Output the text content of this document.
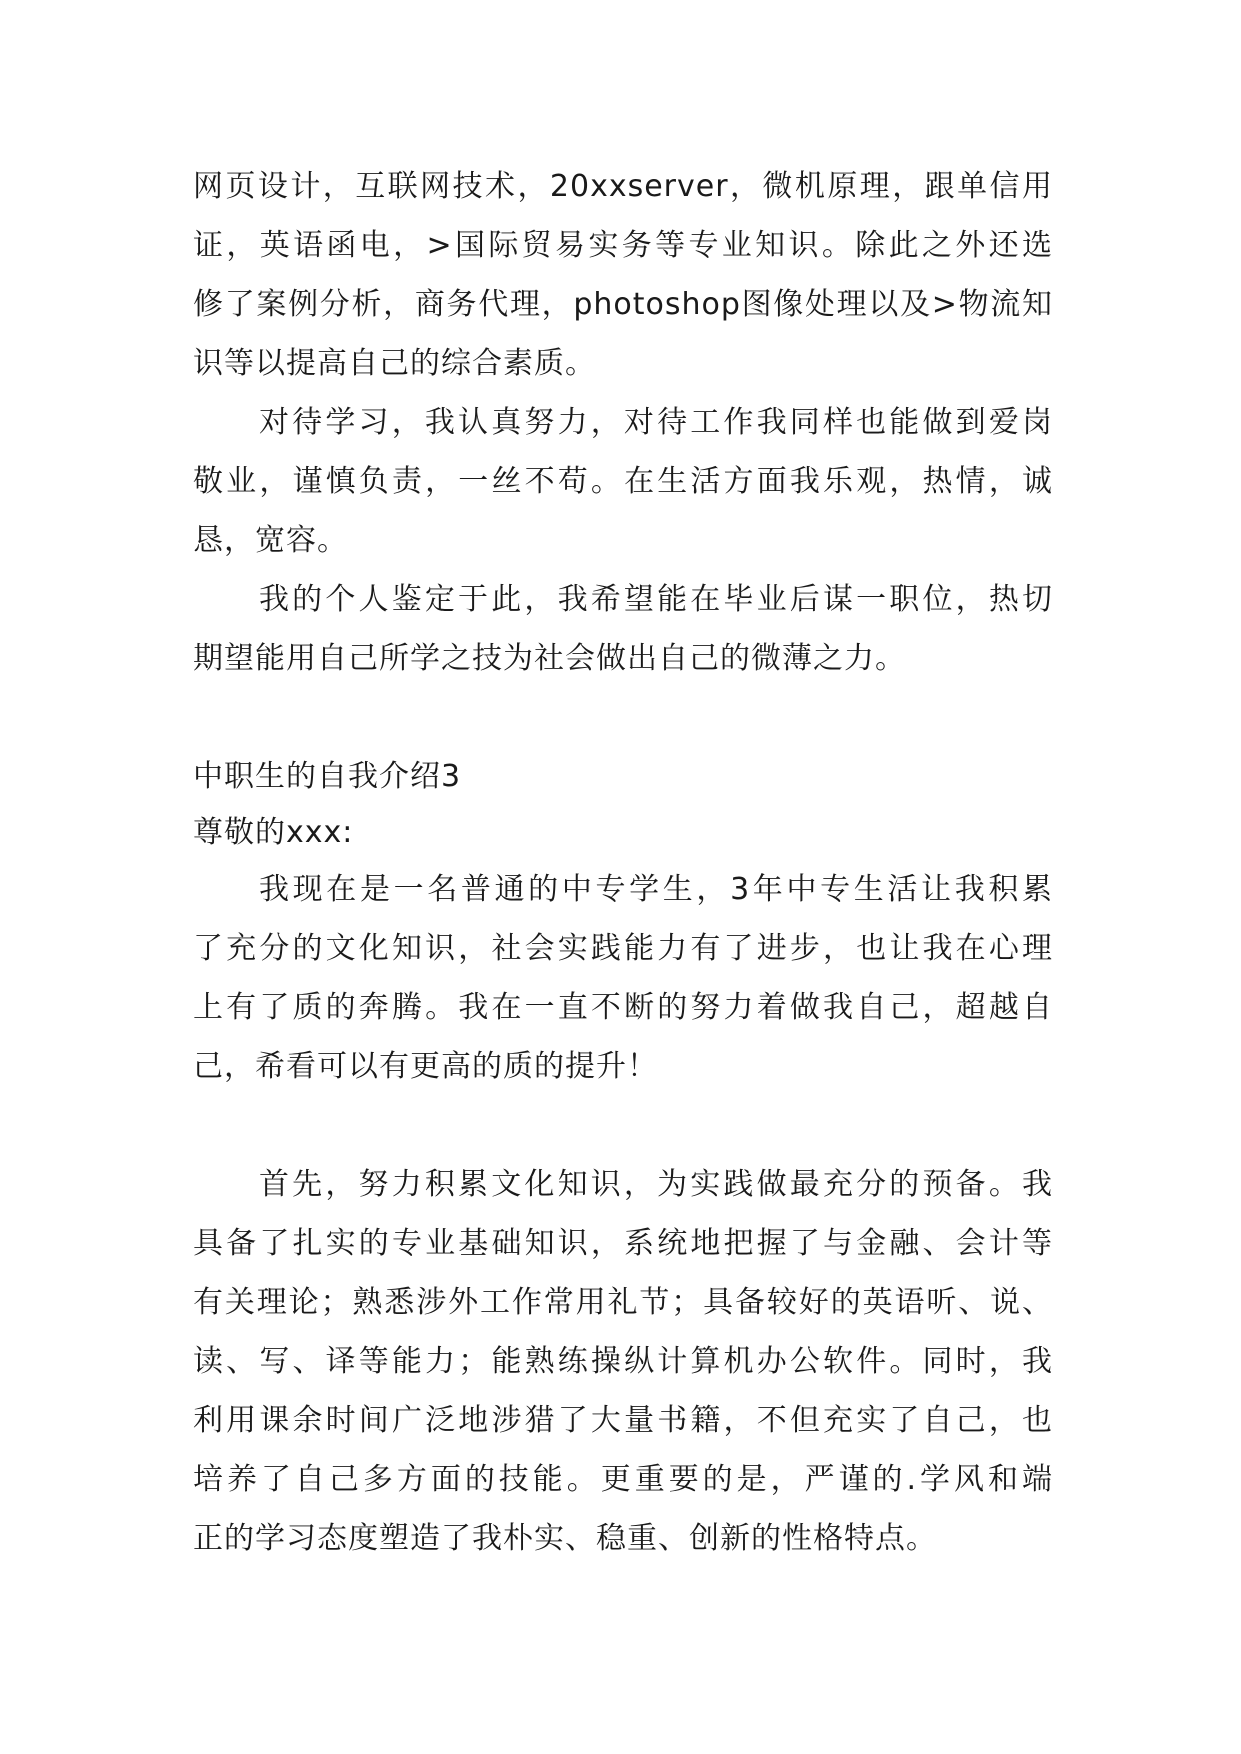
网页设计，互联网技术，20xxserver，微机原理，跟单信用
证，英语函电，>国际贸易实务等专业知识。除此之外还选
修了案例分析，商务代理，photoshop图像处理以及>物流知
识等以提高自己的综合素质。
对待学习，我认真努力，对待工作我同样也能做到爱岗
敬业，谨慎负责，一丝不苟。在生活方面我乐观，热情，诚
恳，宽容。
我的个人鉴定于此，我希望能在毕业后谋一职位，热切
期望能用自己所学之技为社会做出自己的微薄之力。
中职生的自我介绍3
尊敬的xxx:
我现在是一名普通的中专学生，3年中专生活让我积累
了充分的文化知识，社会实践能力有了进步，也让我在心理
上有了质的奔腾。我在一直不断的努力着做我自己，超越自
己，希看可以有更高的质的提升！
首先，努力积累文化知识，为实践做最充分的预备。我
具备了扎实的专业基础知识，系统地把握了与金融、会计等
有关理论；熟悉涉外工作常用礼节；具备较好的英语听、说、
读、写、译等能力；能熟练操纵计算机办公软件。同时，我
利用课余时间广泛地涉猎了大量书籍，不但充实了自己，也
培养了自己多方面的技能。更重要的是，严谨的.学风和端
正的学习态度塑造了我朴实、稳重、创新的性格特点。
